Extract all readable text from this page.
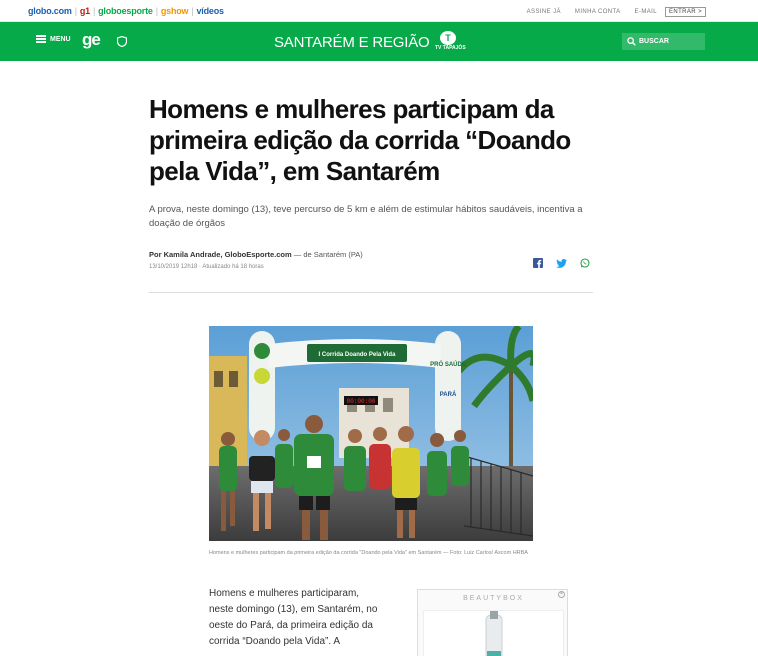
globo.com | g1 | globoesporte | gshow | vídeos	ASSINE JÁ MINHA CONTA E-MAIL	ENTRAR >
MENU ge	SANTARÉM E REGIÃO	T
TV TAPAJÓS
BUSCAR
Homens e mulheres participam da primeira edição da corrida “Doando pela Vida”, em Santarém

A prova, neste domingo (13), teve percurso de 5 km e além de estimular hábitos saudáveis, incentiva a doação de órgãos

Por Kamila Andrade, GloboEsporte.com — de Santarém (PA)
13/10/2019 12h18 · Atualizado há 18 horas
I Corrida Doando Pela Vida
PRÓ SAÚDE
PARÁ
00:00:00
Homens e mulheres participam da primeira edição da corrida "Doando pela Vida" em Santarém — Foto: Luiz Carlos/ Ascom HRBA

Homens e mulheres participaram, neste domingo (13), em Santarém, no oeste do Pará, da primeira edição da corrida “Doando pela Vida”. A

BEAUTYBOX
×
